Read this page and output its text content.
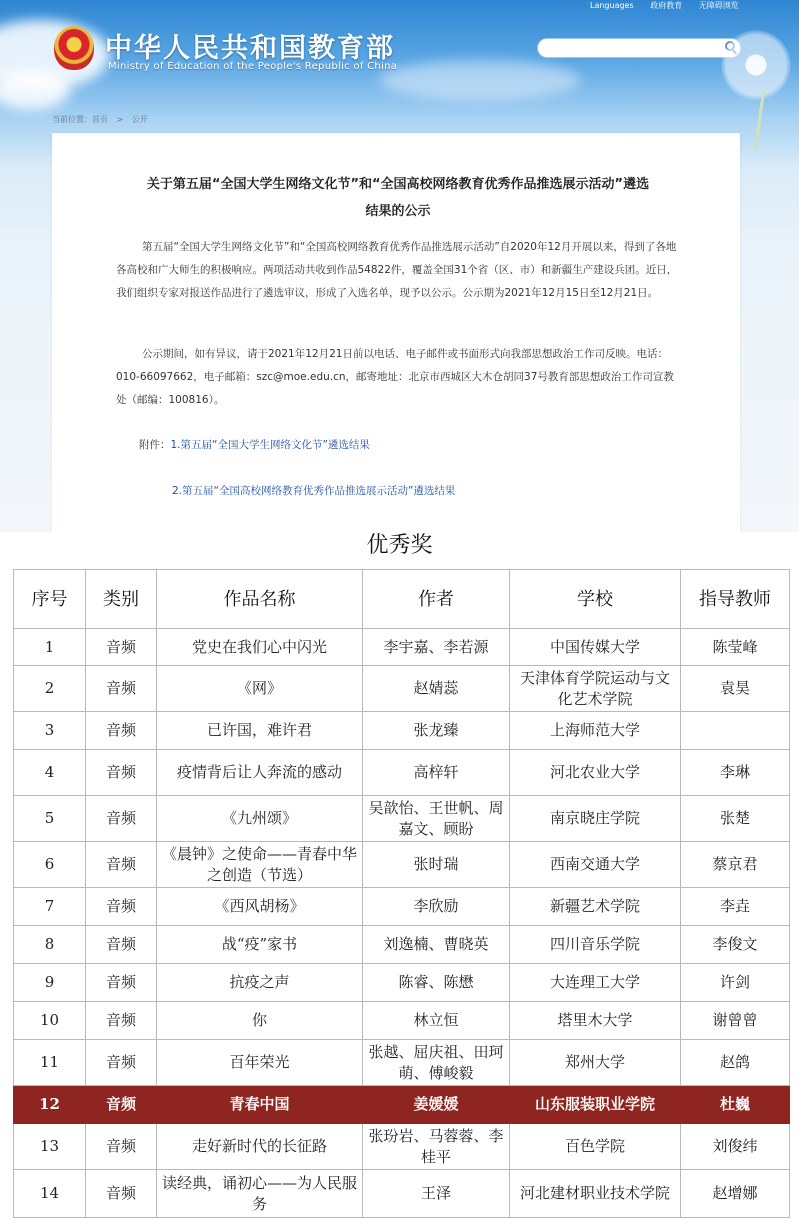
Languages 政府教育 无障碍浏览
中华人民共和国教育部
Ministry of Education of the People's Republic of China
当前位置：首页 > 公开
关于第五届“全国大学生网络文化节”和“全国高校网络教育优秀作品推选展示活动”遴选
结果的公示
第五届“全国大学生网络文化节”和“全国高校网络教育优秀作品推选展示活动”自2020年12月开展以来，得到了各地各高校和广大师生的积极响应。两项活动共收到作品54822件，覆盖全国31个省（区、市）和新疆生产建设兵团。近日，我们组织专家对报送作品进行了遴选审议，形成了入选名单，现予以公示。公示期为2021年12月15日至12月21日。
公示期间，如有异议，请于2021年12月21日前以电话、电子邮件或书面形式向我部思想政治工作司反映。电话：010-66097662，电子邮箱：szc@moe.edu.cn，邮寄地址：北京市西城区大木仓胡同37号教育部思想政治工作司宣教处（邮编：100816）。
附件：1.第五届“全国大学生网络文化节”遴选结果
2.第五届“全国高校网络教育优秀作品推选展示活动”遴选结果
优秀奖
序号	类别	作品名称	作者	学校	指导教师
1	音频	党史在我们心中闪光	李宇嘉、李若源	中国传媒大学	陈莹峰
2	音频	《网》	赵婧蕊	天津体育学院运动与文化艺术学院	袁昊
3	音频	已许国，难许君	张龙臻	上海师范大学	
4	音频	疫情背后让人奔流的感动	高梓轩	河北农业大学	李琳
5	音频	《九州颂》	吴歆怡、王世帆、周嘉文、顾盼	南京晓庄学院	张楚
6	音频	《晨钟》之使命——青春中华之创造（节选）	张时瑞	西南交通大学	蔡京君
7	音频	《西风胡杨》	李欣励	新疆艺术学院	李垚
8	音频	战“疫”家书	刘逸楠、曹晓英	四川音乐学院	李俊文
9	音频	抗疫之声	陈睿、陈懋	大连理工大学	许剑
10	音频	你	林立恒	塔里木大学	谢曾曾
11	音频	百年荣光	张越、屈庆祖、田珂萌、傅峻毅	郑州大学	赵鸽
12	音频	青春中国	姜媛媛	山东服装职业学院	杜巍
13	音频	走好新时代的长征路	张玢岩、马蓉蓉、李桂平	百色学院	刘俊纬
14	音频	读经典，诵初心——为人民服务	王泽	河北建材职业技术学院	赵增娜
